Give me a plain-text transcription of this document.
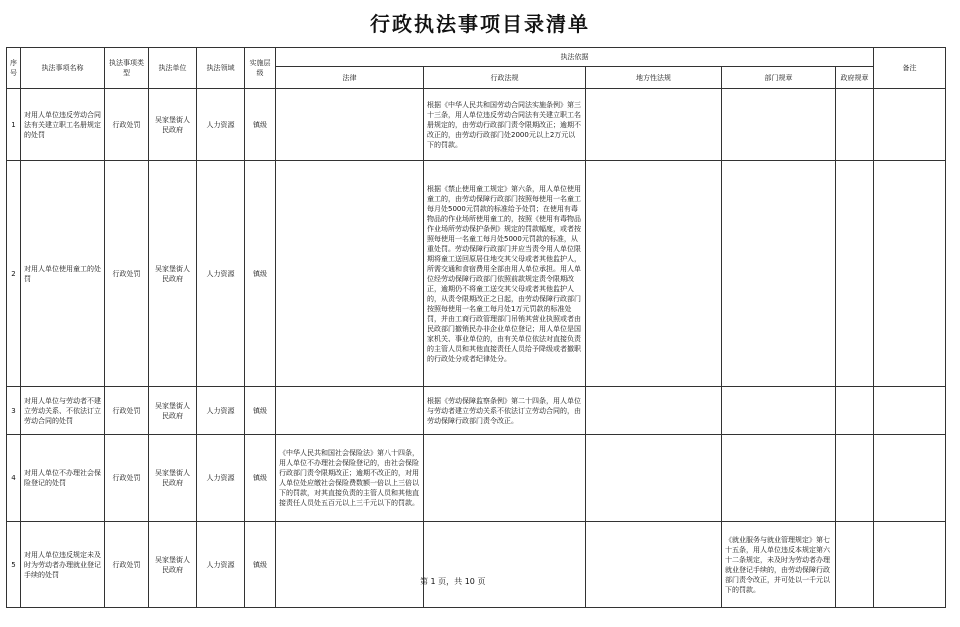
行政执法事项目录清单
序号	执法事项名称	执法事项类型	执法单位	执法领域	实施层级	执法依据					备注
						法律	行政法规	地方性法规	部门规章	政府规章	
1	对用人单位违反劳动合同法有关建立职工名册规定的处罚	行政处罚	吴家堡街人民政府	人力资源	镇级		根据《中华人民共和国劳动合同法实施条例》第三十三条，用人单位违反劳动合同法有关建立职工名册规定的，由劳动行政部门责令限期改正；逾期不改正的，由劳动行政部门处2000元以上2万元以下的罚款。				
2	对用人单位使用童工的处罚	行政处罚	吴家堡街人民政府	人力资源	镇级		根据《禁止使用童工规定》第六条，用人单位使用童工的，由劳动保障行政部门按照每使用一名童工每月处5000元罚款的标准给予处罚；在使用有毒物品的作业场所使用童工的，按照《使用有毒物品作业场所劳动保护条例》规定的罚款幅度，或者按照每使用一名童工每月处5000元罚款的标准，从重处罚。劳动保障行政部门并应当责令用人单位限期将童工送回原居住地交其父母或者其他监护人，所需交通和食宿费用全部由用人单位承担。用人单位经劳动保障行政部门依照前款规定责令限期改正，逾期仍不将童工送交其父母或者其他监护人的，从责令限期改正之日起，由劳动保障行政部门按照每使用一名童工每月处1万元罚款的标准处罚，并由工商行政管理部门吊销其营业执照或者由民政部门撤销民办非企业单位登记；用人单位是国家机关、事业单位的，由有关单位依法对直接负责的主管人员和其他直接责任人员给予降级或者撤职的行政处分或者纪律处分。				
3	对用人单位与劳动者不建立劳动关系、不依法订立劳动合同的处罚	行政处罚	吴家堡街人民政府	人力资源	镇级		根据《劳动保障监察条例》第二十四条，用人单位与劳动者建立劳动关系不依法订立劳动合同的，由劳动保障行政部门责令改正。				
4	对用人单位不办理社会保险登记的处罚	行政处罚	吴家堡街人民政府	人力资源	镇级	《中华人民共和国社会保险法》第八十四条，用人单位不办理社会保险登记的，由社会保险行政部门责令限期改正；逾期不改正的，对用人单位处应缴社会保险费数额一倍以上三倍以下的罚款，对其直接负责的主管人员和其他直接责任人员处五百元以上三千元以下的罚款。					
5	对用人单位违反规定未及时为劳动者办理就业登记手续的处罚	行政处罚	吴家堡街人民政府	人力资源	镇级				《就业服务与就业管理规定》第七十五条，用人单位违反本规定第六十二条规定，未及时为劳动者办理就业登记手续的，由劳动保障行政部门责令改正，并可处以一千元以下的罚款。		
第 1 页，共 10 页
